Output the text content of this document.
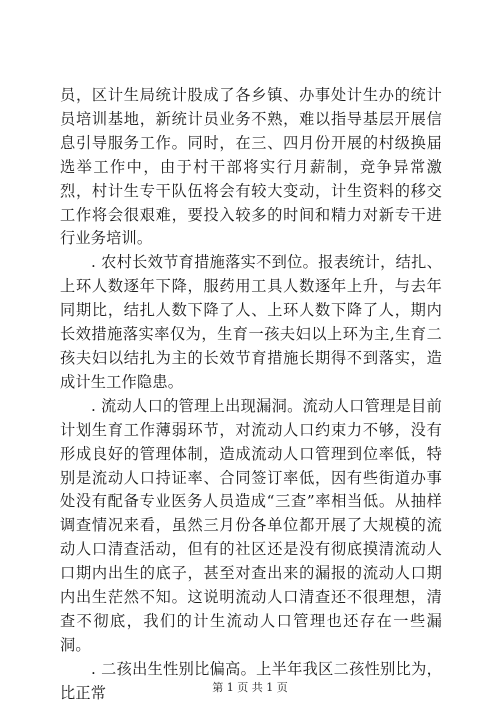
员，区计生局统计股成了各乡镇、办事处计生办的统计员培训基地，新统计员业务不熟，难以指导基层开展信息引导服务工作。同时，在三、四月份开展的村级换届选举工作中，由于村干部将实行月薪制，竞争异常激烈，村计生专干队伍将会有较大变动，计生资料的移交工作将会很艰难，要投入较多的时间和精力对新专干进行业务培训。

. 农村长效节育措施落实不到位。报表统计，结扎、上环人数逐年下降，服药用工具人数逐年上升，与去年同期比，结扎人数下降了人、上环人数下降了人，期内长效措施落实率仅为，生育一孩夫妇以上环为主,生育二孩夫妇以结扎为主的长效节育措施长期得不到落实，造成计生工作隐患。

. 流动人口的管理上出现漏洞。流动人口管理是目前计划生育工作薄弱环节，对流动人口约束力不够，没有形成良好的管理体制，造成流动人口管理到位率低，特别是流动人口持证率、合同签订率低，因有些街道办事处没有配备专业医务人员造成“三查”率相当低。从抽样调查情况来看，虽然三月份各单位都开展了大规模的流动人口清查活动，但有的社区还是没有彻底摸清流动人口期内出生的底子，甚至对查出来的漏报的流动人口期内出生茫然不知。这说明流动人口清查还不很理想，清查不彻底，我们的计生流动人口管理也还存在一些漏洞。

. 二孩出生性别比偏高。上半年我区二孩性别比为，比正常	第 1 页 共 1 页
